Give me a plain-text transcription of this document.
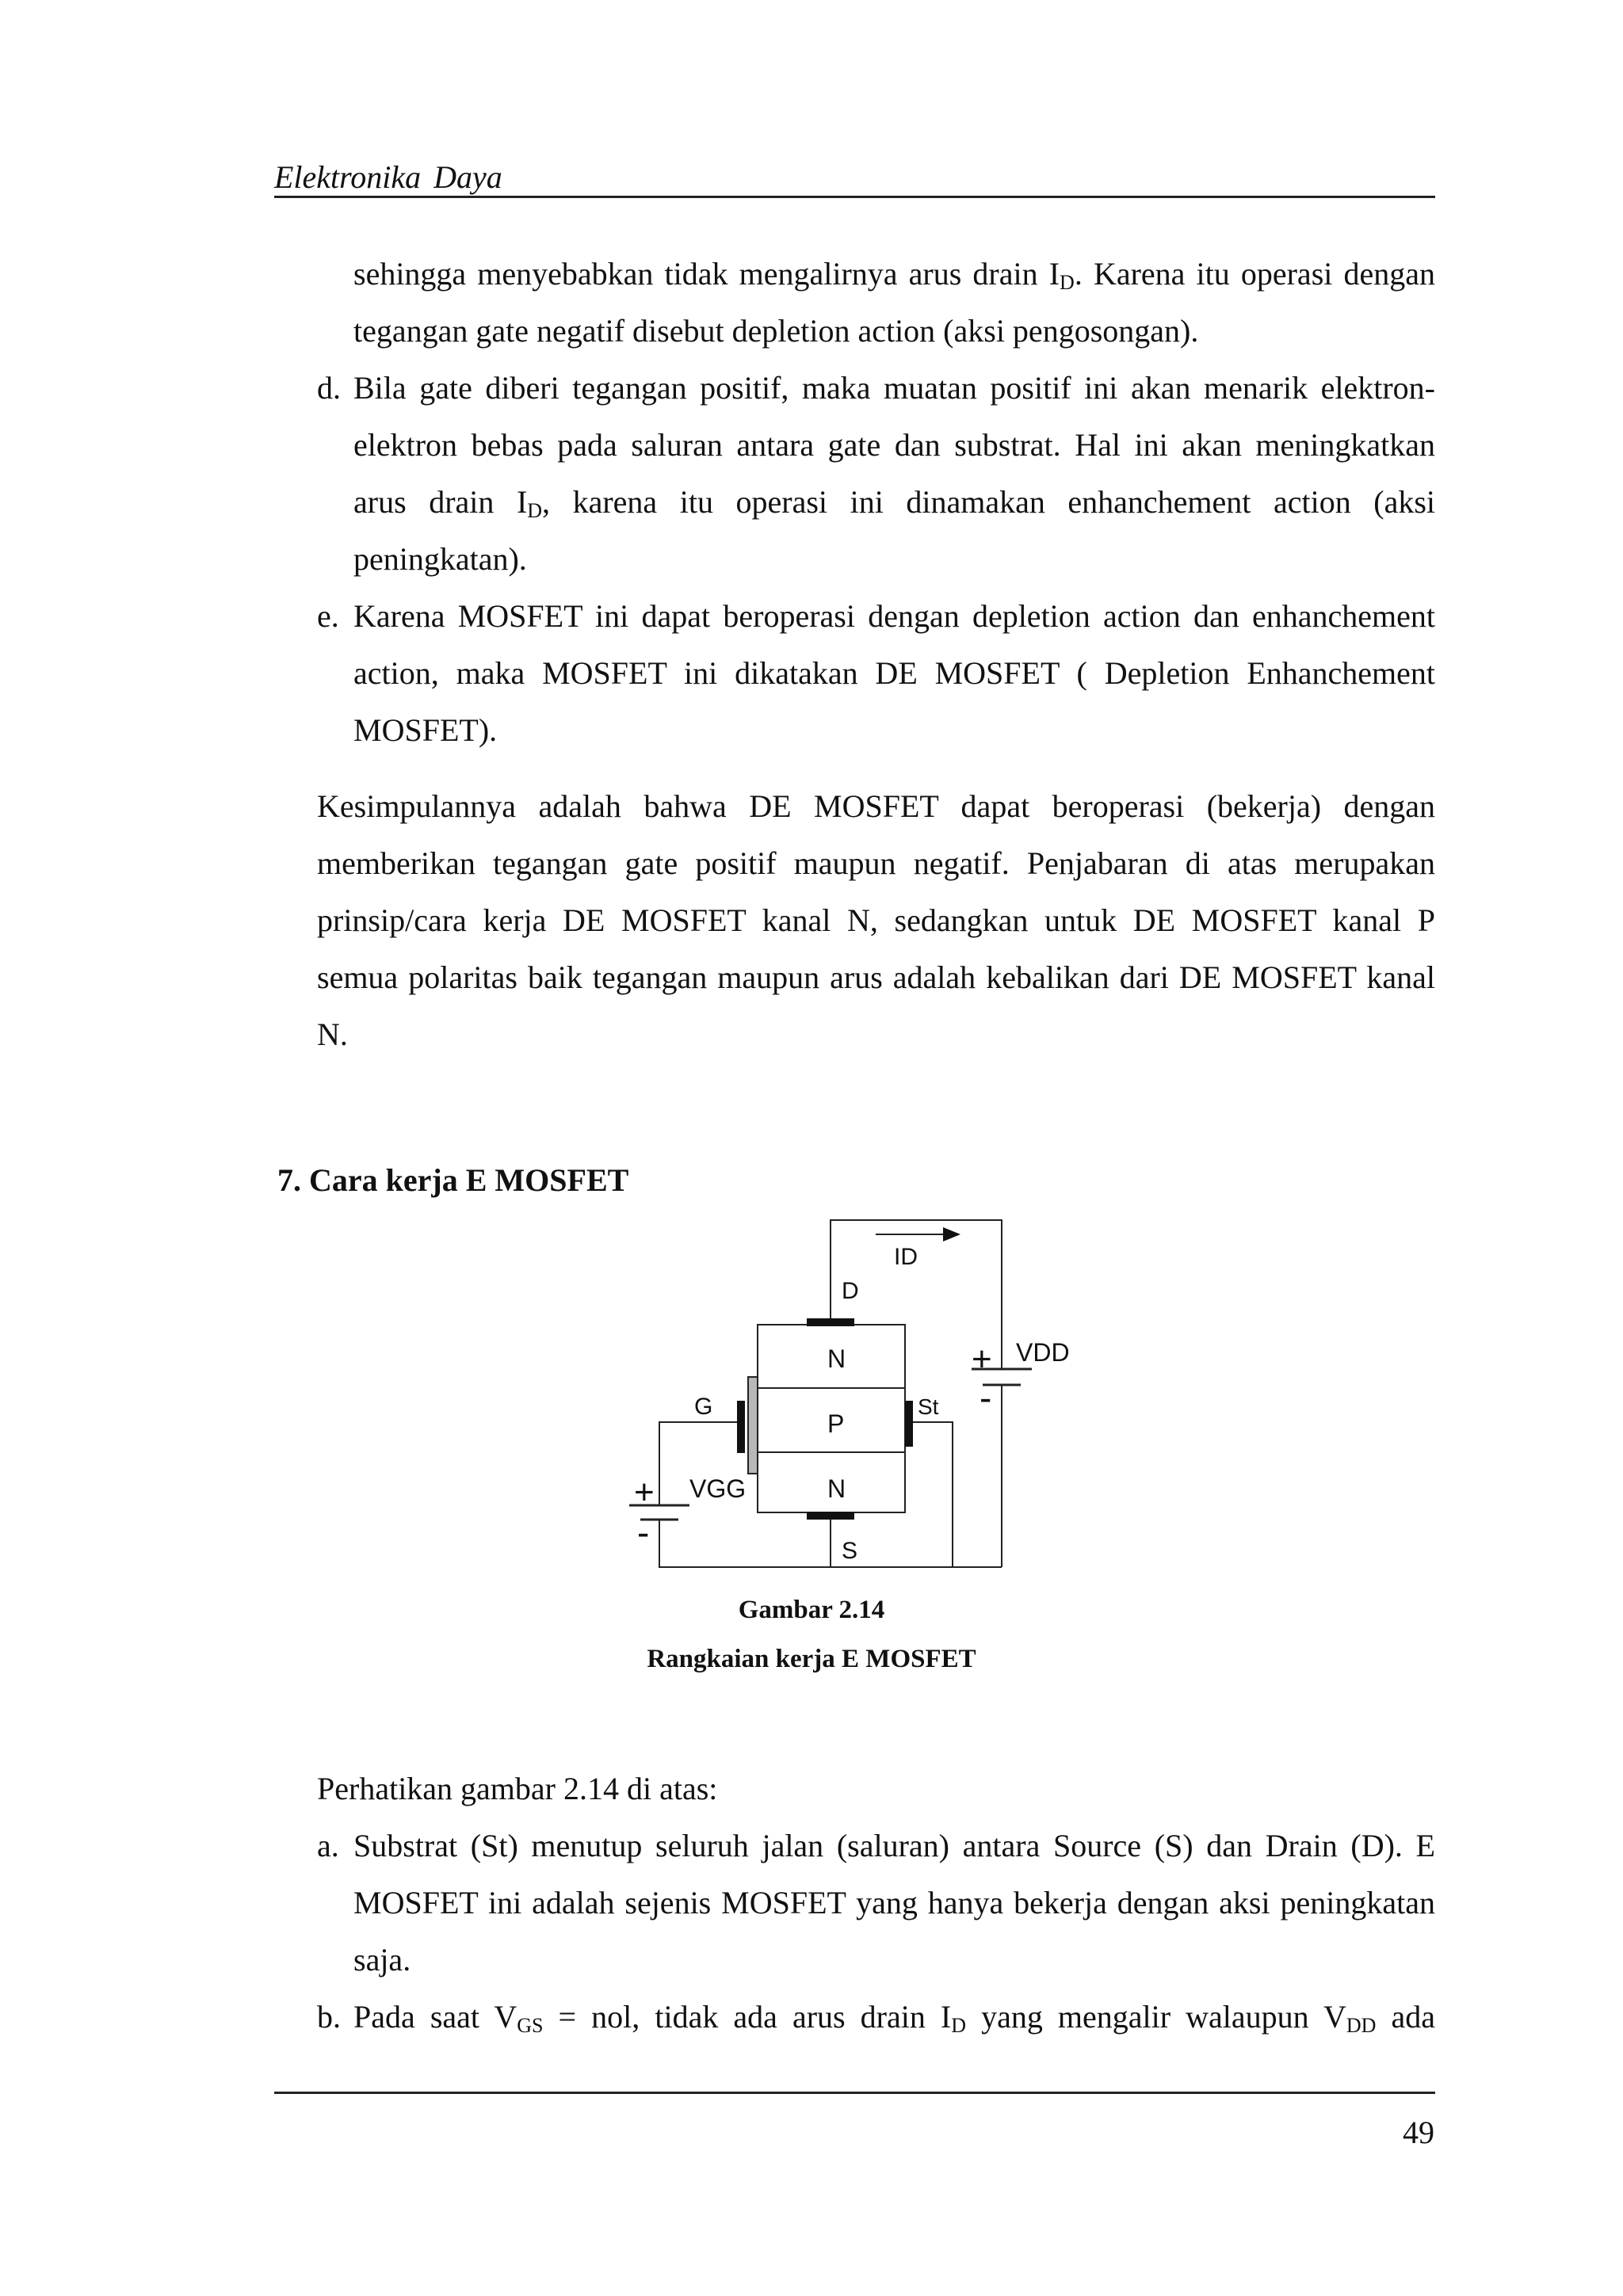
Elektronika Daya
sehingga menyebabkan tidak mengalirnya arus drain $I_D$. Karena itu operasi dengan
tegangan gate negatif disebut depletion action (aksi pengosongan).
d. Bila gate diberi tegangan positif, maka muatan positif ini akan menarik elektron-
elektron bebas pada saluran antara gate dan substrat. Hal ini akan meningkatkan
arus drain $I_D$, karena itu operasi ini dinamakan enhanchement action (aksi
peningkatan).
e. Karena MOSFET ini dapat beroperasi dengan depletion action dan enhanchement
action, maka MOSFET ini dikatakan DE MOSFET ( Depletion Enhanchement
MOSFET).
Kesimpulannya adalah bahwa DE MOSFET dapat beroperasi (bekerja) dengan
memberikan tegangan gate positif maupun negatif. Penjabaran di atas merupakan
prinsip/cara kerja DE MOSFET kanal N, sedangkan untuk DE MOSFET kanal P
semua polaritas baik tegangan maupun arus adalah kebalikan dari DE MOSFET kanal
N.
7. Cara kerja E MOSFET
ID
D
VDD
+
-
N
G
P
St
VGG
+
-
N
S
Gambar 2.14
Rangkaian kerja E MOSFET
Perhatikan gambar 2.14 di atas:
a. Substrat (St) menutup seluruh jalan (saluran) antara Source (S) dan Drain (D). E
MOSFET ini adalah sejenis MOSFET yang hanya bekerja dengan aksi peningkatan
saja.
b. Pada saat $V_{GS}$ = nol, tidak ada arus drain $I_D$ yang mengalir walaupun $V_{DD}$ ada
49
